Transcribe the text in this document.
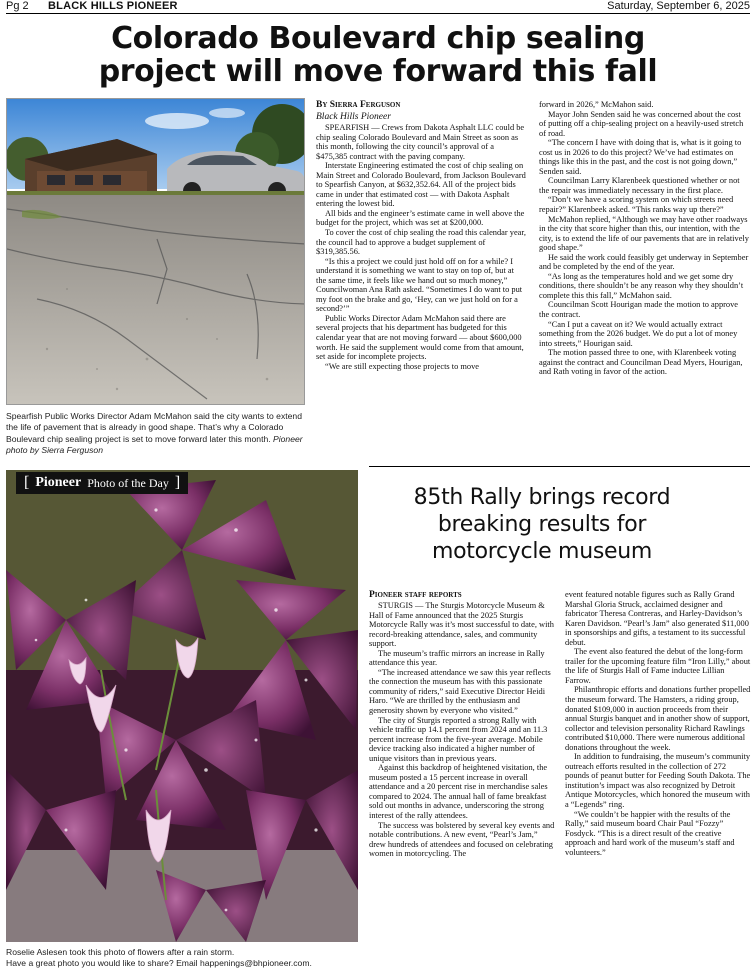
Pg 2 BLACK HILLS PIONEER	Saturday, September 6, 2025
Colorado Boulevard chip sealing project will move forward this fall
Spearfish Public Works Director Adam McMahon said the city wants to extend the life of pavement that is already in good shape. That’s why a Colorado Boulevard chip sealing project is set to move forward later this month. Pioneer photo by Sierra Ferguson
By Sierra Ferguson
Black Hills Pioneer

SPEARFISH — Crews from Dakota Asphalt LLC could be chip sealing Colorado Boulevard and Main Street as soon as this month, following the city council’s approval of a $475,385 contract with the paving company.

Interstate Engineering estimated the cost of chip sealing on Main Street and Colorado Boulevard, from Jackson Boulevard to Spearfish Canyon, at $632,352.64. All of the project bids came in under that estimated cost — with Dakota Asphalt entering the lowest bid.

All bids and the engineer’s estimate came in well above the budget for the project, which was set at $200,000.

To cover the cost of chip sealing the road this calendar year, the council had to approve a budget supplement of $319,385.56.

“Is this a project we could just hold off on for a while? I understand it is something we want to stay on top of, but at the same time, it feels like we hand out so much money,” Councilwoman Ana Rath asked. “Sometimes I do want to put my foot on the brake and go, ‘Hey, can we just hold on for a second?’”

Public Works Director Adam McMahon said there are several projects that his department has budgeted for this calendar year that are not moving forward — about $600,000 worth. He said the supplement would come from that amount, set aside for incomplete projects.

“We are still expecting those projects to move

forward in 2026,” McMahon said.

Mayor John Senden said he was concerned about the cost of putting off a chip-sealing project on a heavily-used stretch of road.

“The concern I have with doing that is, what is it going to cost us in 2026 to do this project? We’ve had estimates on things like this in the past, and the cost is not going down,” Senden said.

Councilman Larry Klarenbeek questioned whether or not the repair was immediately necessary in the first place.

“Don’t we have a scoring system on which streets need repair?” Klarenbeek asked. “This ranks way up there?”

McMahon replied, “Although we may have other roadways in the city that score higher than this, our intention, with the city, is to extend the life of our pavements that are in relatively good shape.”

He said the work could feasibly get underway in September and be completed by the end of the year.

“As long as the temperatures hold and we get some dry conditions, there shouldn’t be any reason why they shouldn’t complete this this fall,” McMahon said.

Councilman Scott Hourigan made the motion to approve the contract.

“Can I put a caveat on it? We would actually extract something from the 2026 budget. We do put a lot of money into streets,” Hourigan said.

The motion passed three to one, with Klarenbeek voting against the contract and Councilman Dead Myers, Hourigan, and Rath voting in favor of the action.

[ Pioneer Photo of the Day ]
Roselie Aslesen took this photo of flowers after a rain storm.
Have a great photo you would like to share? Email happenings@bhpioneer.com.
85th Rally brings record breaking results for motorcycle museum
Pioneer staff reports

STURGIS — The Sturgis Motorcycle Museum & Hall of Fame announced that the 2025 Sturgis Motorcycle Rally was it’s most successful to date, with record-breaking attendance, sales, and community support.

The museum’s traffic mirrors an increase in Rally attendance this year.

“The increased attendance we saw this year reflects the connection the museum has with this passionate community of riders,” said Executive Director Heidi Haro. “We are thrilled by the enthusiasm and generosity shown by everyone who visited.”

The city of Sturgis reported a strong Rally with vehicle traffic up 14.1 percent from 2024 and an 11.3 percent increase from the five-year average. Mobile device tracking also indicated a higher number of unique visitors than in previous years.

Against this backdrop of heightened visitation, the museum posted a 15 percent increase in overall attendance and a 20 percent rise in merchandise sales compared to 2024. The annual hall of fame breakfast sold out months in advance, underscoring the strong interest of the rally attendees.

The success was bolstered by several key events and notable contributions. A new event, “Pearl’s Jam,” drew hundreds of attendees and focused on celebrating women in motorcycling. The

event featured notable figures such as Rally Grand Marshal Gloria Struck, acclaimed designer and fabricator Theresa Contreras, and Harley-Davidson’s Karen Davidson. “Pearl’s Jam” also generated $11,000 in sponsorships and gifts, a testament to its successful debut.

The event also featured the debut of the long-form trailer for the upcoming feature film “Iron Lilly,” about the life of Sturgis Hall of Fame inductee Lillian Farrow.

Philanthropic efforts and donations further propelled the museum forward. The Hamsters, a riding group, donated $109,000 in auction proceeds from their annual Sturgis banquet and in another show of support, collector and television personality Richard Rawlings contributed $10,000. There were numerous additional donations throughout the week.

In addition to fundraising, the museum’s community outreach efforts resulted in the collection of 272 pounds of peanut butter for Feeding South Dakota. The institution’s impact was also recognized by Detroit Antique Motorcycles, which honored the museum with a “Legends” ring.

“We couldn’t be happier with the results of the Rally,” said museum board Chair Paul “Fozzy” Fosdyck. “This is a direct result of the creative approach and hard work of the museum’s staff and volunteers.”
